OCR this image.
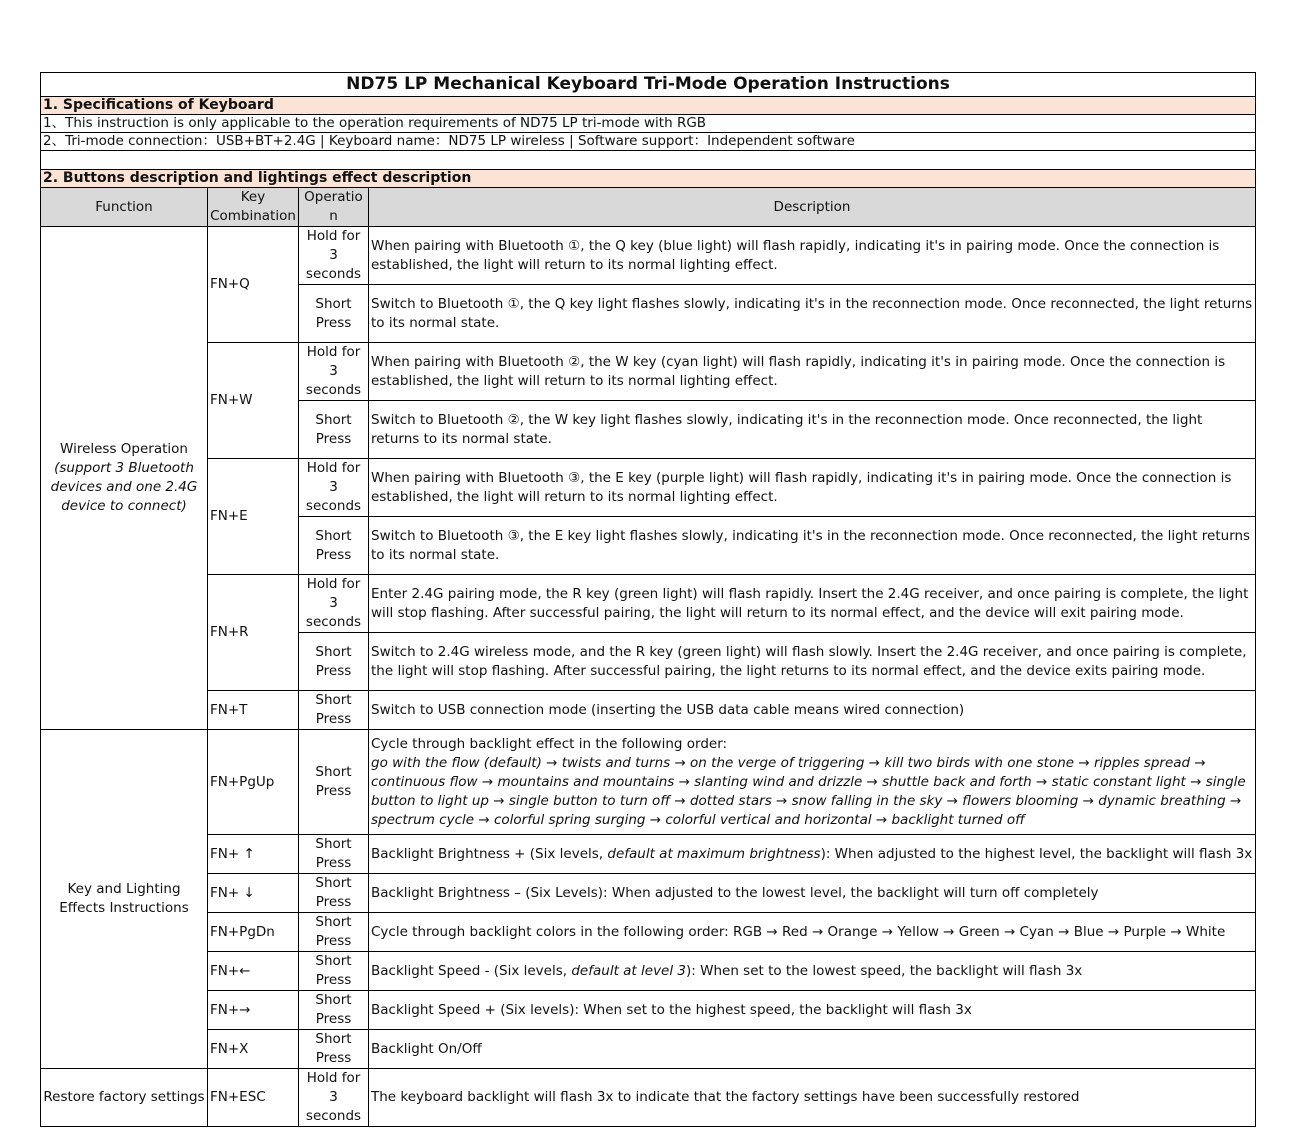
ND75 LP Mechanical Keyboard Tri-Mode Operation Instructions			
1. Specifications of Keyboard			
1、This instruction is only applicable to the operation requirements of ND75 LP tri-mode with RGB			
2、Tri-mode connection：USB+BT+2.4G | Keyboard name：ND75 LP wireless | Software support：Independent software			

2. Buttons description and lightings effect description			
Function	Key Combination	Operation	Description

Wireless Operation
(support 3 Bluetooth devices and one 2.4G device to connect)	FN+Q	Hold for 3 seconds	When pairing with Bluetooth ①, the Q key (blue light) will flash rapidly, indicating it's in pairing mode. Once the connection is established, the light will return to its normal lighting effect.
		Short Press	Switch to Bluetooth ①, the Q key light flashes slowly, indicating it's in the reconnection mode. Once reconnected, the light returns to its normal state.
	FN+W	Hold for 3 seconds	When pairing with Bluetooth ②, the W key (cyan light) will flash rapidly, indicating it's in pairing mode. Once the connection is established, the light will return to its normal lighting effect.
		Short Press	Switch to Bluetooth ②, the W key light flashes slowly, indicating it's in the reconnection mode. Once reconnected, the light returns to its normal state.
	FN+E	Hold for 3 seconds	When pairing with Bluetooth ③, the E key (purple light) will flash rapidly, indicating it's in pairing mode. Once the connection is established, the light will return to its normal lighting effect.
		Short Press	Switch to Bluetooth ③, the E key light flashes slowly, indicating it's in the reconnection mode. Once reconnected, the light returns to its normal state.
	FN+R	Hold for 3 seconds	Enter 2.4G pairing mode, the R key (green light) will flash rapidly. Insert the 2.4G receiver, and once pairing is complete, the light will stop flashing. After successful pairing, the light will return to its normal effect, and the device will exit pairing mode.
		Short Press	Switch to 2.4G wireless mode, and the R key (green light) will flash slowly. Insert the 2.4G receiver, and once pairing is complete, the light will stop flashing. After successful pairing, the light returns to its normal effect, and the device exits pairing mode.
	FN+T	Short Press	Switch to USB connection mode (inserting the USB data cable means wired connection)
Key and Lighting Effects Instructions	FN+PgUp	Short Press	Cycle through backlight effect in the following order:
go with the flow (default) → twists and turns → on the verge of triggering → kill two birds with one stone → ripples spread → continuous flow → mountains and mountains → slanting wind and drizzle → shuttle back and forth → static constant light → single button to light up → single button to turn off → dotted stars → snow falling in the sky → flowers blooming → dynamic breathing → spectrum cycle → colorful spring surging → colorful vertical and horizontal → backlight turned off

	FN+ ↑	Short Press	Backlight Brightness + (Six levels, default at maximum brightness): When adjusted to the highest level, the backlight will flash 3x
	FN+ ↓	Short Press	Backlight Brightness – (Six Levels): When adjusted to the lowest level, the backlight will turn off completely
	FN+PgDn	Short Press	Cycle through backlight colors in the following order: RGB → Red → Orange → Yellow → Green → Cyan → Blue → Purple → White
	FN+←	Short Press	Backlight Speed - (Six levels, default at level 3): When set to the lowest speed, the backlight will flash 3x
	FN+→	Short Press	Backlight Speed + (Six levels): When set to the highest speed, the backlight will flash 3x
	FN+X	Short Press	Backlight On/Off
Restore factory settings	FN+ESC	Hold for 3 seconds	The keyboard backlight will flash 3x to indicate that the factory settings have been successfully restored
